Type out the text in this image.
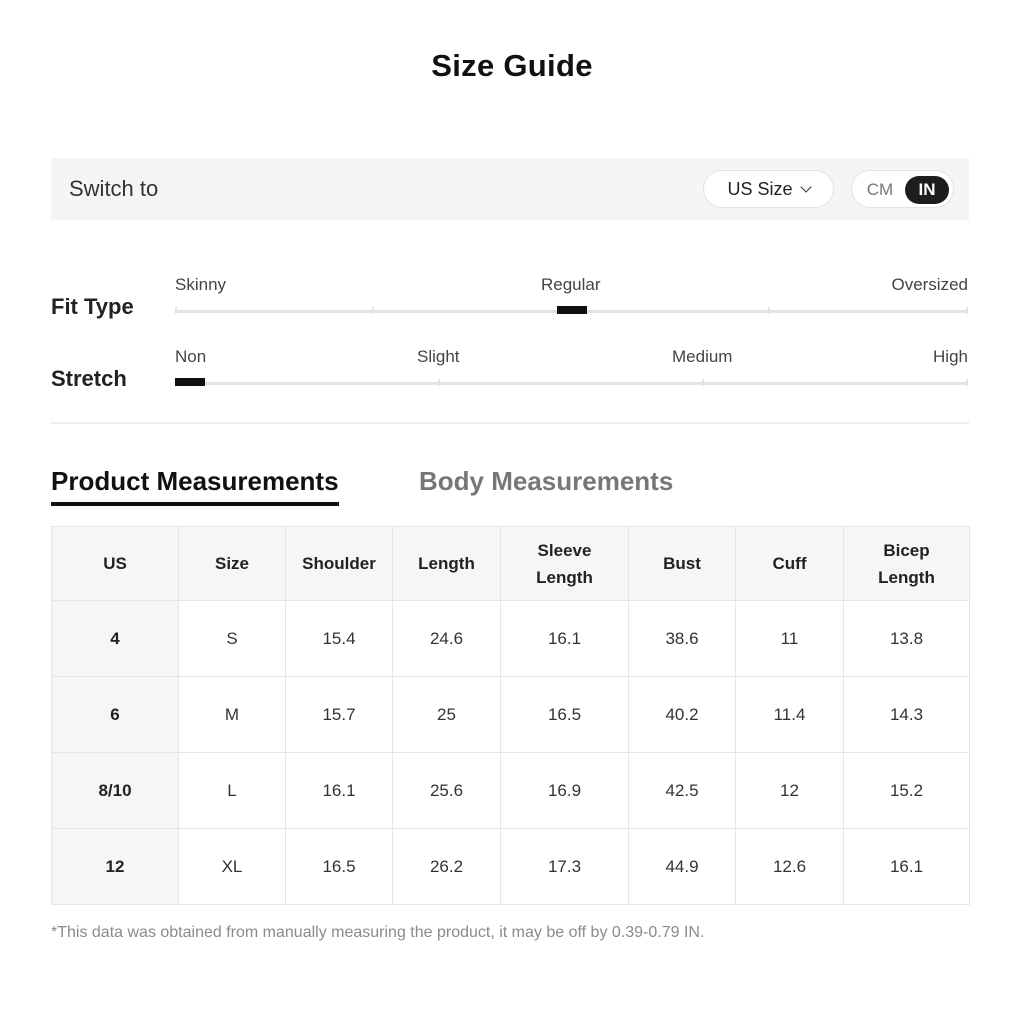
Size Guide
Switch to	US Size	CM	IN
Fit Type
Skinny	Regular	Oversized
Stretch
Non	Slight	Medium	High
Product Measurements	Body Measurements
US	Size	Shoulder	Length	Sleeve Length	Bust	Cuff	Bicep Length
4	S	15.4	24.6	16.1	38.6	11	13.8
6	M	15.7	25	16.5	40.2	11.4	14.3
8/10	L	16.1	25.6	16.9	42.5	12	15.2
12	XL	16.5	26.2	17.3	44.9	12.6	16.1
*This data was obtained from manually measuring the product, it may be off by 0.39-0.79 IN.
